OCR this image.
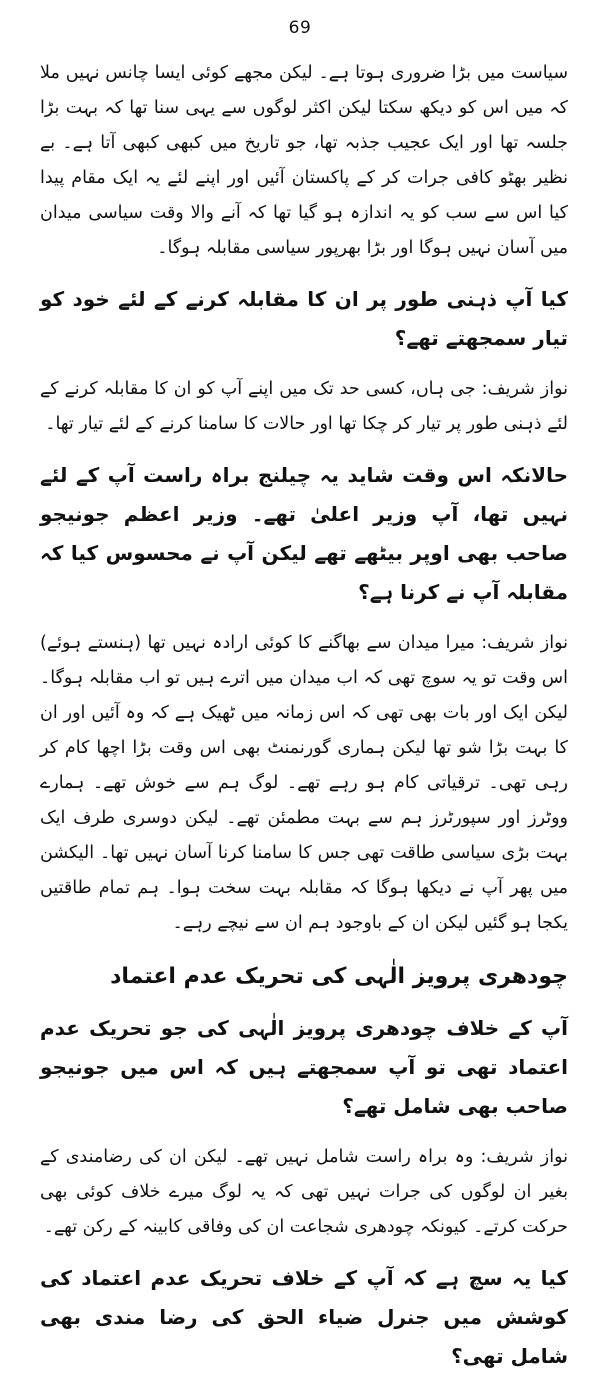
69

سیاست میں بڑا ضروری ہوتا ہے۔ لیکن مجھے کوئی ایسا چانس نہیں ملا کہ میں اس کو دیکھ سکتا لیکن اکثر لوگوں سے یہی سنا تھا کہ بہت بڑا جلسہ تھا اور ایک عجیب جذبہ تھا، جو تاریخ میں کبھی کبھی آتا ہے۔ بے نظیر بھٹو کافی جرات کر کے پاکستان آئیں اور اپنے لئے یہ ایک مقام پیدا کیا اس سے سب کو یہ اندازہ ہو گیا تھا کہ آنے والا وقت سیاسی میدان میں آسان نہیں ہوگا اور بڑا بھرپور سیاسی مقابلہ ہوگا۔

کیا آپ ذہنی طور پر ان کا مقابلہ کرنے کے لئے خود کو تیار سمجھتے تھے؟

نواز شریف: جی ہاں، کسی حد تک میں اپنے آپ کو ان کا مقابلہ کرنے کے لئے ذہنی طور پر تیار کر چکا تھا اور حالات کا سامنا کرنے کے لئے تیار تھا۔

حالانکہ اس وقت شاید یہ چیلنج براہ راست آپ کے لئے نہیں تھا، آپ وزیر اعلیٰ تھے۔ وزیر اعظم جونیجو صاحب بھی اوپر بیٹھے تھے لیکن آپ نے محسوس کیا کہ مقابلہ آپ نے کرنا ہے؟

نواز شریف: میرا میدان سے بھاگنے کا کوئی ارادہ نہیں تھا (ہنستے ہوئے) اس وقت تو یہ سوچ تھی کہ اب میدان میں اترے ہیں تو اب مقابلہ ہوگا۔ لیکن ایک اور بات بھی تھی کہ اس زمانہ میں ٹھیک ہے کہ وہ آئیں اور ان کا بہت بڑا شو تھا لیکن ہماری گورنمنٹ بھی اس وقت بڑا اچھا کام کر رہی تھی۔ ترقیاتی کام ہو رہے تھے۔ لوگ ہم سے خوش تھے۔ ہمارے ووٹرز اور سپورٹرز ہم سے بہت مطمئن تھے۔ لیکن دوسری طرف ایک بہت بڑی سیاسی طاقت تھی جس کا سامنا کرنا آسان نہیں تھا۔ الیکشن میں پھر آپ نے دیکھا ہوگا کہ مقابلہ بہت سخت ہوا۔ ہم تمام طاقتیں یکجا ہو گئیں لیکن ان کے باوجود ہم ان سے نیچے رہے۔

چودھری پرویز الٰہی کی تحریک عدم اعتماد

آپ کے خلاف چودھری پرویز الٰہی کی جو تحریک عدم اعتماد تھی تو آپ سمجھتے ہیں کہ اس میں جونیجو صاحب بھی شامل تھے؟

نواز شریف: وہ براہ راست شامل نہیں تھے۔ لیکن ان کی رضامندی کے بغیر ان لوگوں کی جرات نہیں تھی کہ یہ لوگ میرے خلاف کوئی بھی حرکت کرتے۔ کیونکہ چودھری شجاعت ان کی وفاقی کابینہ کے رکن تھے۔

کیا یہ سچ ہے کہ آپ کے خلاف تحریک عدم اعتماد کی کوشش میں جنرل ضیاء الحق کی رضا مندی بھی شامل تھی؟
